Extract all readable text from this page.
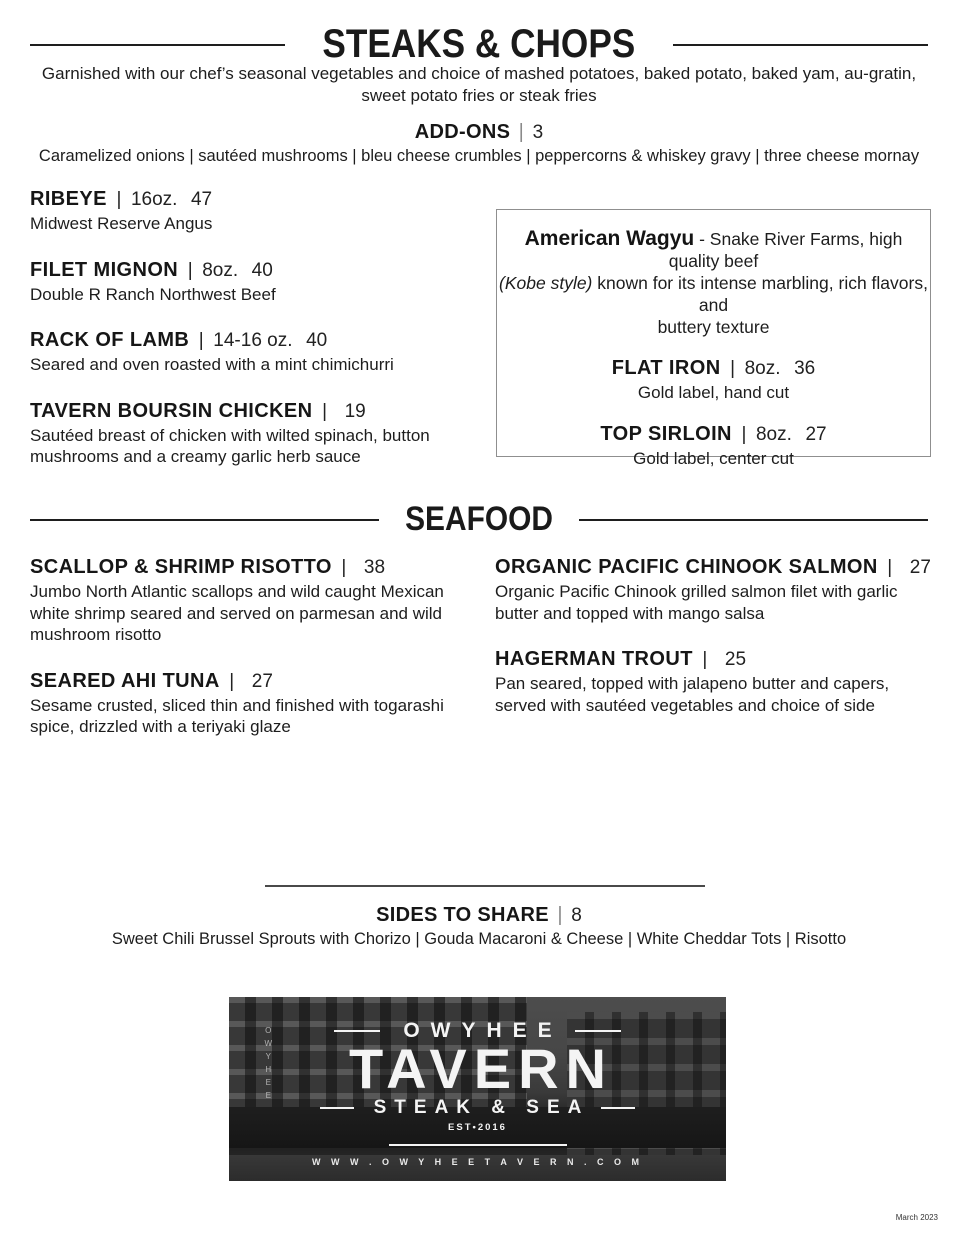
STEAKS & CHOPS
Garnished with our chef’s seasonal vegetables and choice of mashed potatoes, baked potato, baked yam, au-gratin,
sweet potato fries or steak fries
ADD-ONS | 3
Caramelized onions | sautéed mushrooms | bleu cheese crumbles | peppercorns & whiskey gravy | three cheese mornay
RIBEYE | 16oz. 47
Midwest Reserve Angus
FILET MIGNON | 8oz. 40
Double R Ranch Northwest Beef
RACK OF LAMB | 14-16 oz. 40
Seared and oven roasted with a mint chimichurri
TAVERN BOURSIN CHICKEN | 19
Sautéed breast of chicken with wilted spinach, button mushrooms and a creamy garlic herb sauce
American Wagyu - Snake River Farms, high quality beef
(Kobe style) known for its intense marbling, rich flavors, and
buttery texture
FLAT IRON | 8oz. 36
Gold label, hand cut
TOP SIRLOIN | 8oz. 27
Gold label, center cut
SEAFOOD
SCALLOP & SHRIMP RISOTTO | 38
Jumbo North Atlantic scallops and wild caught Mexican white shrimp seared and served on parmesan and wild mushroom risotto
SEARED AHI TUNA | 27
Sesame crusted, sliced thin and finished with togarashi spice, drizzled with a teriyaki glaze
ORGANIC PACIFIC CHINOOK SALMON | 27
Organic Pacific Chinook grilled salmon filet with garlic butter and topped with mango salsa
HAGERMAN TROUT | 25
Pan seared, topped with jalapeno butter and capers, served with sautéed vegetables and choice of side
SIDES TO SHARE | 8
Sweet Chili Brussel Sprouts with Chorizo | Gouda Macaroni & Cheese | White Cheddar Tots | Risotto
OWYHEE	OWYHEE
TAVERN
STEAK & SEA
EST•2016
W W W . O W Y H E E T A V E R N . C O M
March 2023
